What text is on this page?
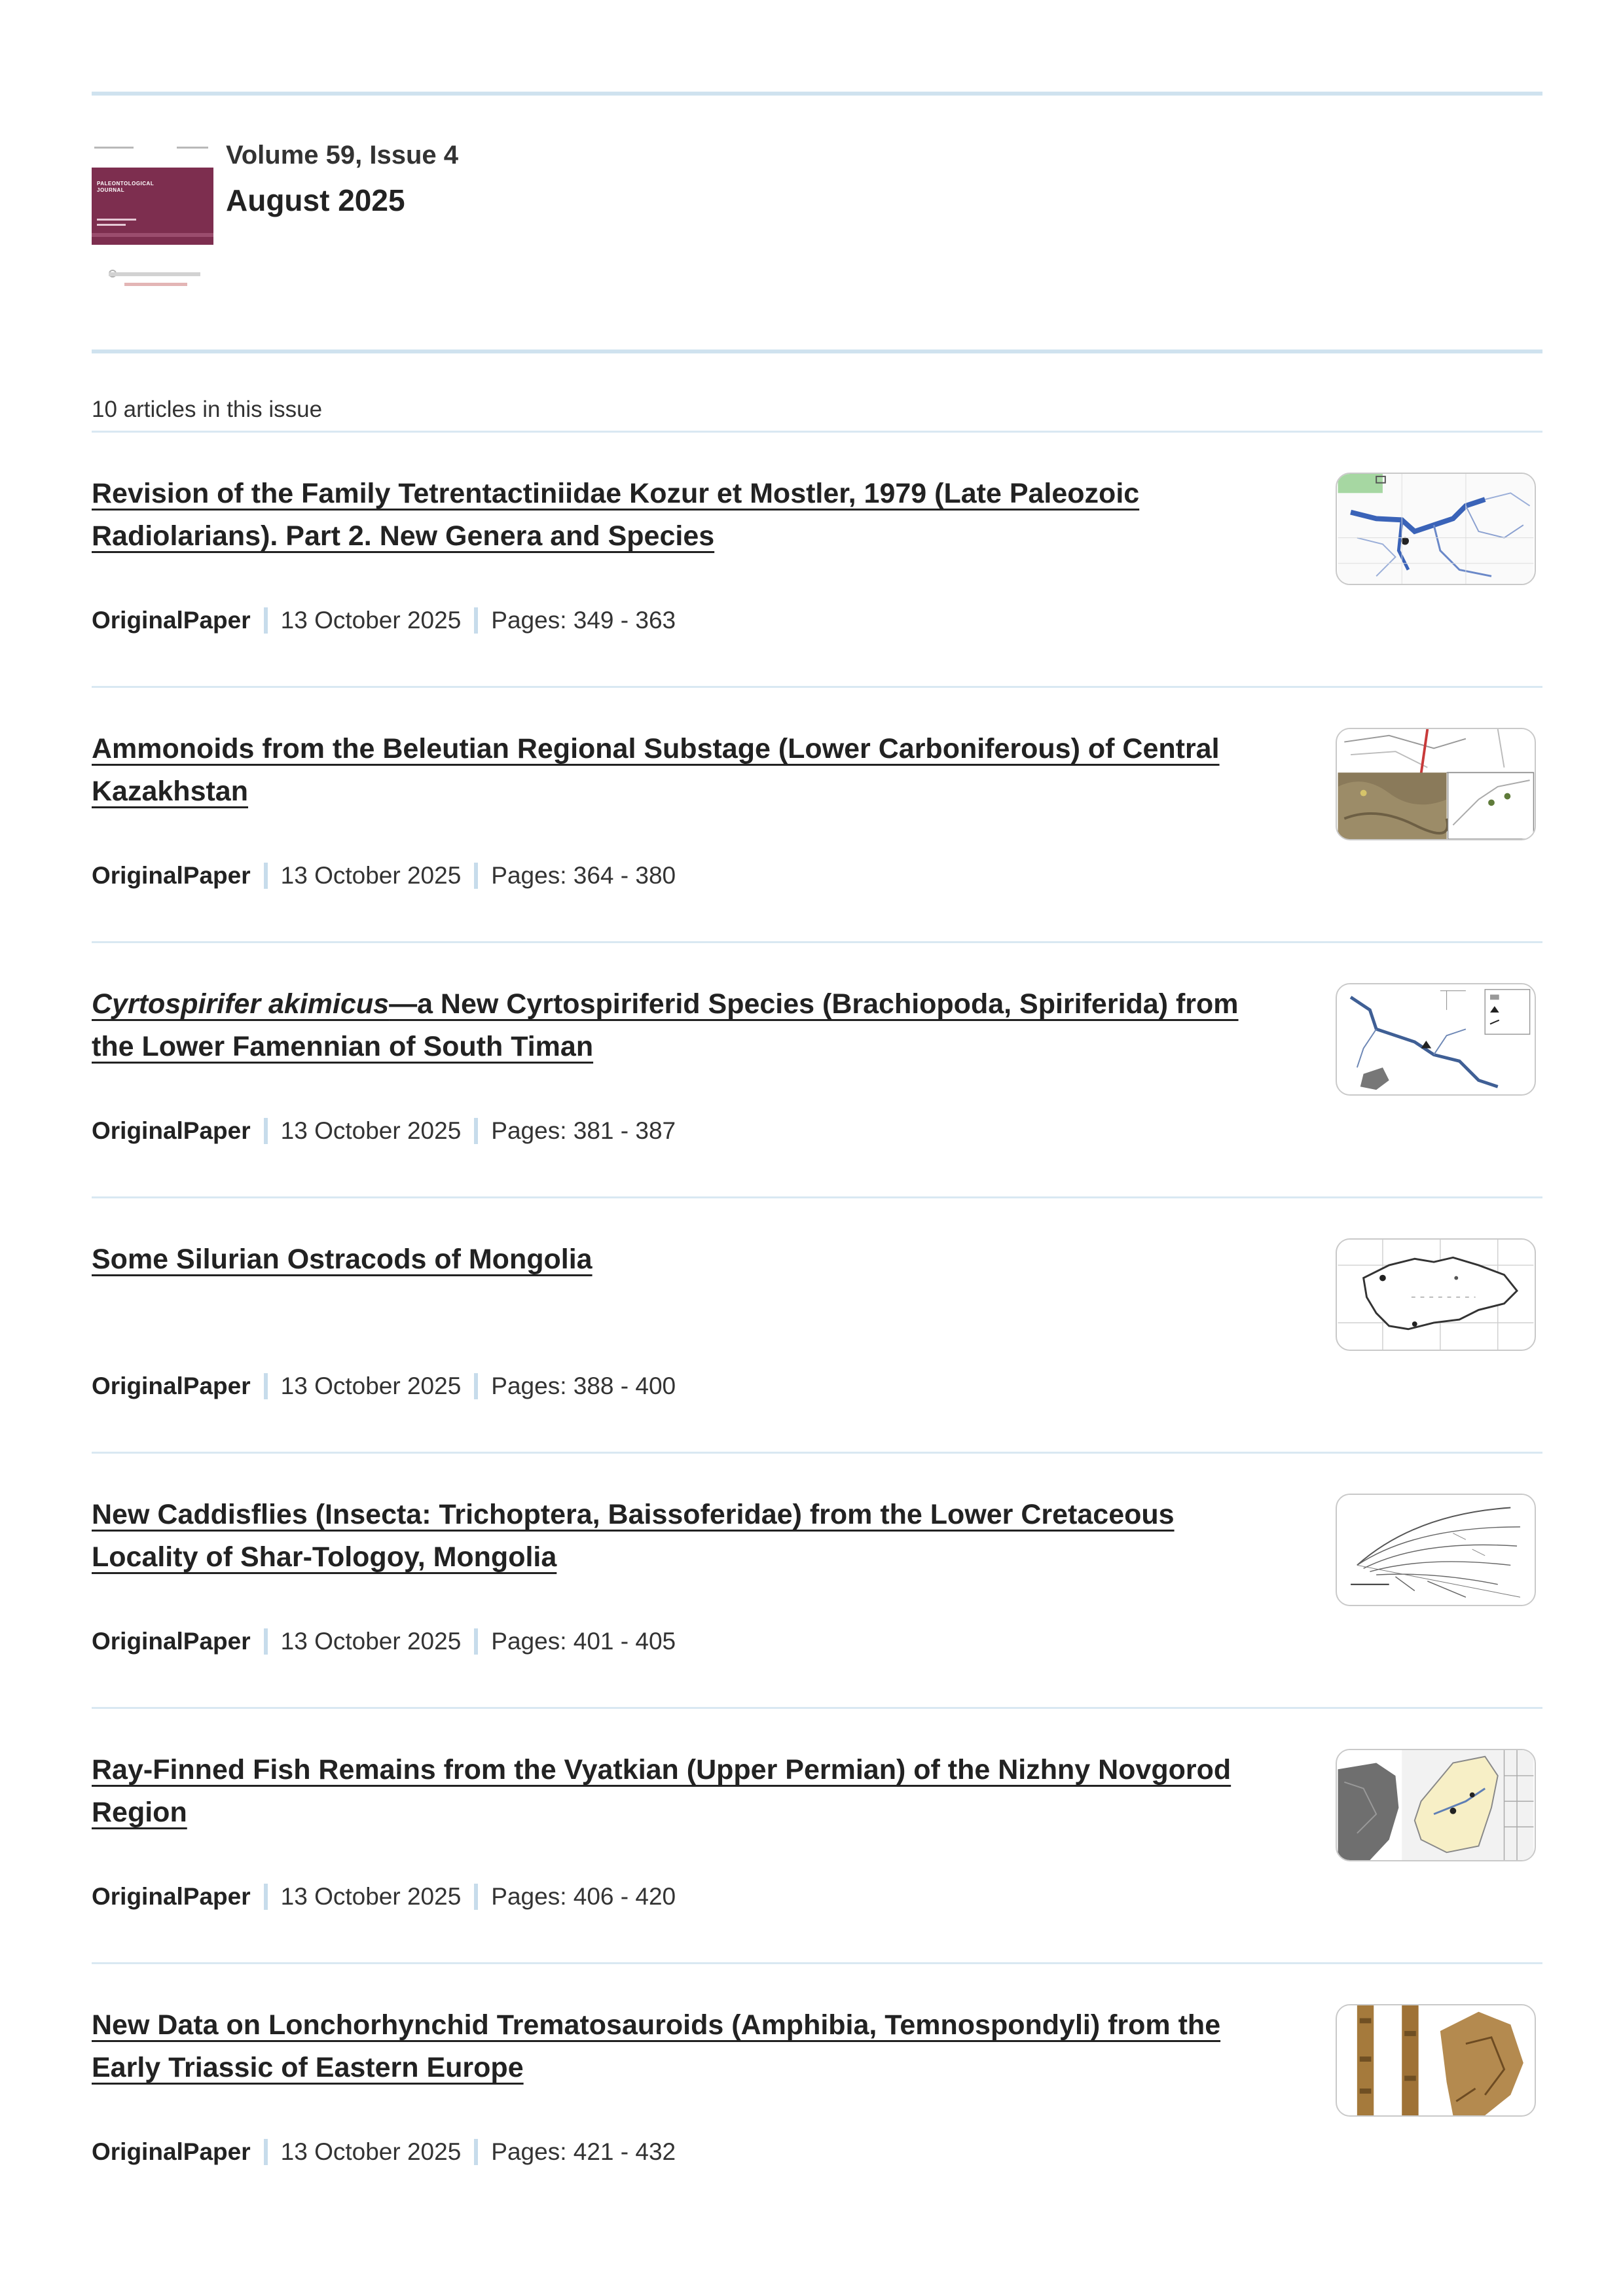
PALEONTOLOGICAL
JOURNAL
Volume 59, Issue 4
August 2025
10 articles in this issue
Revision of the Family Tetrentactiniidae Kozur et Mostler, 1979 (Late Paleozoic
Radiolarians). Part 2. New Genera and Species
OriginalPaper 13 October 2025 Pages: 349 - 363
Ammonoids from the Beleutian Regional Substage (Lower Carboniferous) of Central
Kazakhstan
OriginalPaper 13 October 2025 Pages: 364 - 380
Cyrtospirifer akimicus—a New Cyrtospiriferid Species (Brachiopoda, Spiriferida) from
the Lower Famennian of South Timan
OriginalPaper 13 October 2025 Pages: 381 - 387
Some Silurian Ostracods of Mongolia
OriginalPaper 13 October 2025 Pages: 388 - 400
New Caddisflies (Insecta: Trichoptera, Baissoferidae) from the Lower Cretaceous
Locality of Shar-Tologoy, Mongolia
OriginalPaper 13 October 2025 Pages: 401 - 405
Ray-Finned Fish Remains from the Vyatkian (Upper Permian) of the Nizhny Novgorod
Region
OriginalPaper 13 October 2025 Pages: 406 - 420
New Data on Lonchorhynchid Trematosauroids (Amphibia, Temnospondyli) from the
Early Triassic of Eastern Europe
OriginalPaper 13 October 2025 Pages: 421 - 432
